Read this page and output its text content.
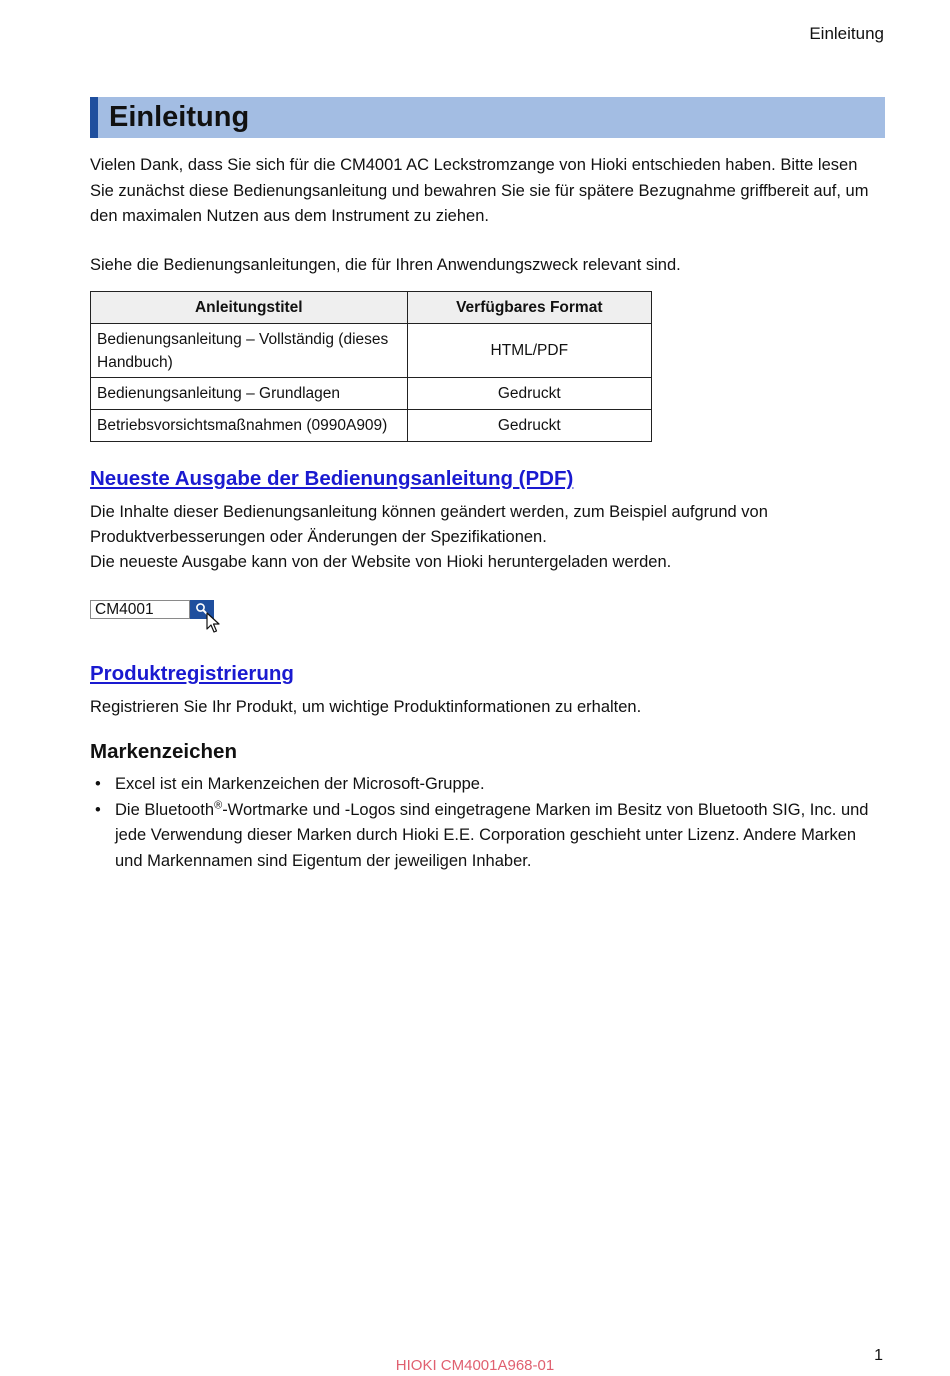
Einleitung
Einleitung

Vielen Dank, dass Sie sich für die CM4001 AC Leckstromzange von Hioki entschieden haben. Bitte lesen Sie zunächst diese Bedienungsanleitung und bewahren Sie sie für spätere Bezugnahme griffbereit auf, um den maximalen Nutzen aus dem Instrument zu ziehen.

Siehe die Bedienungsanleitungen, die für Ihren Anwendungszweck relevant sind.

Anleitungstitel	Verfügbares Format
Bedienungsanleitung – Vollständig (dieses Handbuch)	HTML/PDF
Bedienungsanleitung – Grundlagen	Gedruckt
Betriebsvorsichtsmaßnahmen (0990A909)	Gedruckt
Neueste Ausgabe der Bedienungsanleitung (PDF)
Die Inhalte dieser Bedienungsanleitung können geändert werden, zum Beispiel aufgrund von Produktverbesserungen oder Änderungen der Spezifikationen.
Die neueste Ausgabe kann von der Website von Hioki heruntergeladen werden.
CM4001
Produktregistrierung

Registrieren Sie Ihr Produkt, um wichtige Produktinformationen zu erhalten.

Markenzeichen
• Excel ist ein Markenzeichen der Microsoft-Gruppe.
• Die Bluetooth®-Wortmarke und -Logos sind eingetragene Marken im Besitz von Bluetooth SIG, Inc. und jede Verwendung dieser Marken durch Hioki E.E. Corporation geschieht unter Lizenz. Andere Marken und Markennamen sind Eigentum der jeweiligen Inhaber.
HIOKI CM4001A968-01
1
